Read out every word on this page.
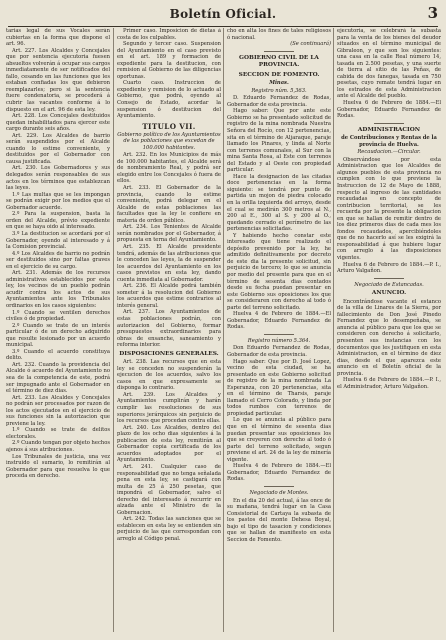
Boletín Oficial.	3

tarias legal de sus Vocales serán cubiertas en la forma que dispone el art. 96.

Art. 227. Los Alcaldes y Concejales que por sentencia ejecutoria fuesen absueltos volverán á ocupar sus cargos inmediatamente de ser notificados del fallo, cesando en las funciones que les estaban confiadas los que debieron reemplazarles; pero si la sentencia fuere condenatoria, se procederá á cubrir las vacantes conforme á lo dispuesto en el art. 96 de esta ley.

Art. 228. Los Concejales destituidos quedan inhabilitados para ejercer este cargo durante seis años.

Art. 229. Los Alcaldes de barrio serán suspendidos por el Alcalde cuando lo estime conveniente, y destituidos por el Gobernador con causa justificada.

Art. 230. Los Gobernadores y sus delegados serán responsables de sus actos en los términos que establezcan las leyes.

1.º Las multas que se les impongan se podrán exigir por los medios que el Gobernador acuerde.

2.º Para la suspension, basta la orden del Alcalde, prévio expediente en que se haya oido al interesado.

3.º La destitucion se acordará por el Gobernador, oyendo al interesado y á la Comision provincial.

4.º Los Alcaldes de barrio no podrán ser destituidos sino por faltas graves en el ejercicio de su cargo.

Art. 231. Además de los recursos administrativos establecidos por esta ley, los vecinos de un pueblo podrán acudir contra los actos de sus Ayuntamientos ante los Tribunales ordinarios en los casos siguientes:

1.º Cuando se ventilen derechos civiles ó de propiedad.

2.º Cuando se trate de un interés particular ó de un derecho adquirido que resulte lesionado por un acuerdo municipal.

3.º Cuando el acuerdo constituya delito.

Art. 232. Cuando la providencia del Alcalde ó acuerdo del Ayuntamiento no sea de la competencia de este, podrá ser impugnado ante el Gobernador en el término de diez dias.

Art. 233. Los Alcaldes y Concejales no podrán ser procesados por razon de los actos ejecutados en el ejercicio de sus funciones sin la autorizacion que previene la ley.

1.º Cuando se trate de delitos electorales.

2.º Cuando tengan por objeto hechos ajenos á sus atribuciones.

Los Tribunales de justicia, una vez instruido el sumario, lo remitirán al Gobernador para que resuelva lo que proceda en derecho.

Primer caso. Imposicion de dietas á costa de los culpables.

Segundo y tercer caso. Suspension del Ayuntamiento en el caso previsto en el art. 189 y formacion de expediente para la destitucion, con remision al Gobierno de las diligencias oportunas.

Cuarto caso. Instruccion de expediente y remision de lo actuado al Gobierno, que podrá, oyendo al Consejo de Estado, acordar la suspension ó destitucion del Ayuntamiento.

TITULO VII.
Gobierno político de los Ayuntamientos de las poblaciones que excedan de 100.000 habitantes.

Art. 232. En los Municipios de más de 100.000 habitantes, el Alcalde será de nombramiento Real, y podrá ser elegido entre los Concejales ó fuera de ellos.

Art. 233. El Gobernador de la provincia, cuando lo estime conveniente, podrá delegar en el Alcalde de estas poblaciones las facultades que la ley le confiere en materia de orden público.

Art. 234. Los Tenientes de Alcalde serán nombrados por el Gobernador, á propuesta en terna del Ayuntamiento.

Art. 235. El Alcalde presidente tendrá, además de las atribuciones que le conceden las leyes, la de suspender los acuerdos del Ayuntamiento en los casos previstos en esta ley, dando cuenta inmediata al Gobernador.

Art. 236. El Alcalde podrá también someter á la resolucion del Gobierno los acuerdos que estime contrarios al interés general.

Art. 237. Los Ayuntamientos de estas poblaciones podrán, con autorizacion del Gobierno, formar presupuestos extraordinarios para obras de ensanche, saneamiento y reforma interior.

DISPOSICIONES GENERALES.

Art. 238. Las recursos que en esta ley se conceden no suspenderán la ejecucion de los acuerdos, salvo los casos en que expresamente se disponga lo contrario.

Art. 239. Los Alcaldes y Ayuntamientos cumplirán y harán cumplir las resoluciones de sus superiores jerárquicos sin perjuicio de los recursos que procedan contra ellas.

Art. 240. Los Alcaldes, dentro del plazo de los ocho dias siguientes á la publicacion de esta ley, remitirán al Gobernador copia certificada de los acuerdos adoptados por el Ayuntamiento.

Art. 241. Cualquier caso de responsabilidad que no tenga señalada pena en esta ley, se castigará con multa de 25 á 250 pesetas, que impondrá el Gobernador, salvo el derecho del interesado á recurrir en alzada ante el Ministro de la Gobernacion.

Art. 242. Todas las sanciones que se establecen en esta ley se entienden sin perjuicio de las que correspondan con arreglo al Código penal.

cho en alta los fines de tales religiosos ó nacional.

(Se continuará)
GOBIERNO CIVIL DE LA PROVINCIA.
SECCION DE FOMENTO.
Minas.
Registro núm. 5,363.

D. Eduardo Fernandez de Rodas, Gobernador de esta provincia.

Hago saber: Que por ante este Gobierno se ha presentado solicitud de registro de la mina nombrada Nuestra Señora del Rocío, con 12 pertenencias, sita en el término de Aljaraque, paraje llamado los Pinares, y linda al Norte con terrenos comunales, al Sur con la mina Santa Rosa, al Este con terrenos del Estado y al Oeste con propiedad particular.

Hace la designacion de las citadas doce pertenencias en la forma siguiente: se tendrá por punto de partida un mojon de piedra colocado en la orilla izquierda del arroyo, desde el cual se medirán 300 metros al N., 200 al E., 300 al S. y 200 al O., quedando cerrado el perímetro de las pertenencias solicitadas.

Y habiendo hecho constar este interesado que tiene realizado el depósito prevenido por la ley, he admitido definitivamente por decreto de este dia la presente solicitud, sin perjuicio de tercero; lo que se anuncia por medio del presente para que en el término de sesenta dias contados desde su fecha puedan presentar en este Gobierno sus oposiciones los que se consideraren con derecho al todo ó parte del terreno solicitado.

Huelva 4 de Febrero de 1884.—El Gobernador, Eduardo Fernandez de Rodas.

Registro número 5.364.

Don Eduardo Fernandez de Rodas, Gobernador de esta provincia.

Hago saber: Que por D. José Lopez, vecino de esta ciudad, se ha presentado en este Gobierno solicitud de registro de la mina nombrada La Esperanza, con 20 pertenencias, sita en el término de Tharsis, paraje llamado el Cerro Colorado, y linda por todos rumbos con terrenos de propiedad particular.

Lo que se anuncia al público para que en el término de sesenta dias puedan presentar sus oposiciones los que se creyeren con derecho al todo ó parte del terreno solicitado, segun previene el art. 24 de la ley de minería vigente.

Huelva 4 de Febrero de 1884.—El Gobernador, Eduardo Fernandez de Rodas.

Negociado de Montes.

En el dia 20 del actual, á las once de su mañana, tendrá lugar en la Casa Consistorial de Cartaya la subasta de los pastos del monte Dehesa Boyal, bajo el tipo de tasacion y condiciones que se hallan de manifiesto en esta Seccion de Fomento.

ejecutoria, se celebrará la subasta para la venta de los bienes del deudor situados en el término municipal de Gibraleon, y que son los siguientes: una casa en la calle Real número 14, tasada en 2.500 pesetas, y una suerte de tierra al sitio de las Peñas, de cabida de dos fanegas, tasada en 750 pesetas, cuyo remate tendrá lugar en los estrados de esta Administracion ante el Alcalde del pueblo.

Huelva 6 de Febrero de 1884.—El Gobernador, Eduardo Fernandez de Rodas.

ADMINISTRACION
de Contribuciones y Rentas de la provincia de Huelva.
Recaudacion.—Circular.

Observándose por esta Administracion que los Alcaldes de algunos pueblos de esta provincia no cumplen con lo que previene la Instruccion de 12 de Mayo de 1888, respecto al ingreso de las cantidades recaudadas en concepto de contribucion territorial, se les recuerda por la presente la obligacion en que se hallan de remitir dentro de los diez primeros dias de cada mes los fondos recaudados, apercibiéndoles que de no hacerlo así se les exigirá la responsabilidad á que hubiere lugar con arreglo á las disposiciones vigentes.

Huelva 6 de Febrero de 1884.—P. I., Arturo Valgañon.

Negociado de Estancadas.
ANUNCIO.

Encontrándose vacante el estanco de la villa de Linares de la Sierra, por fallecimiento de Don José Pinedo Fernandez que lo desempeñaba, se anuncia al público para que los que se consideren con derecho á solicitarlo, presenten sus instancias con los documentos que les justifiquen en esta Administracion, en el término de diez dias, desde el que aparezca este anuncio en el Boletín oficial de la provincia.

Huelva 6 de Febrero de 1884.—P. I., el Administrador, Arturo Valgañon.
